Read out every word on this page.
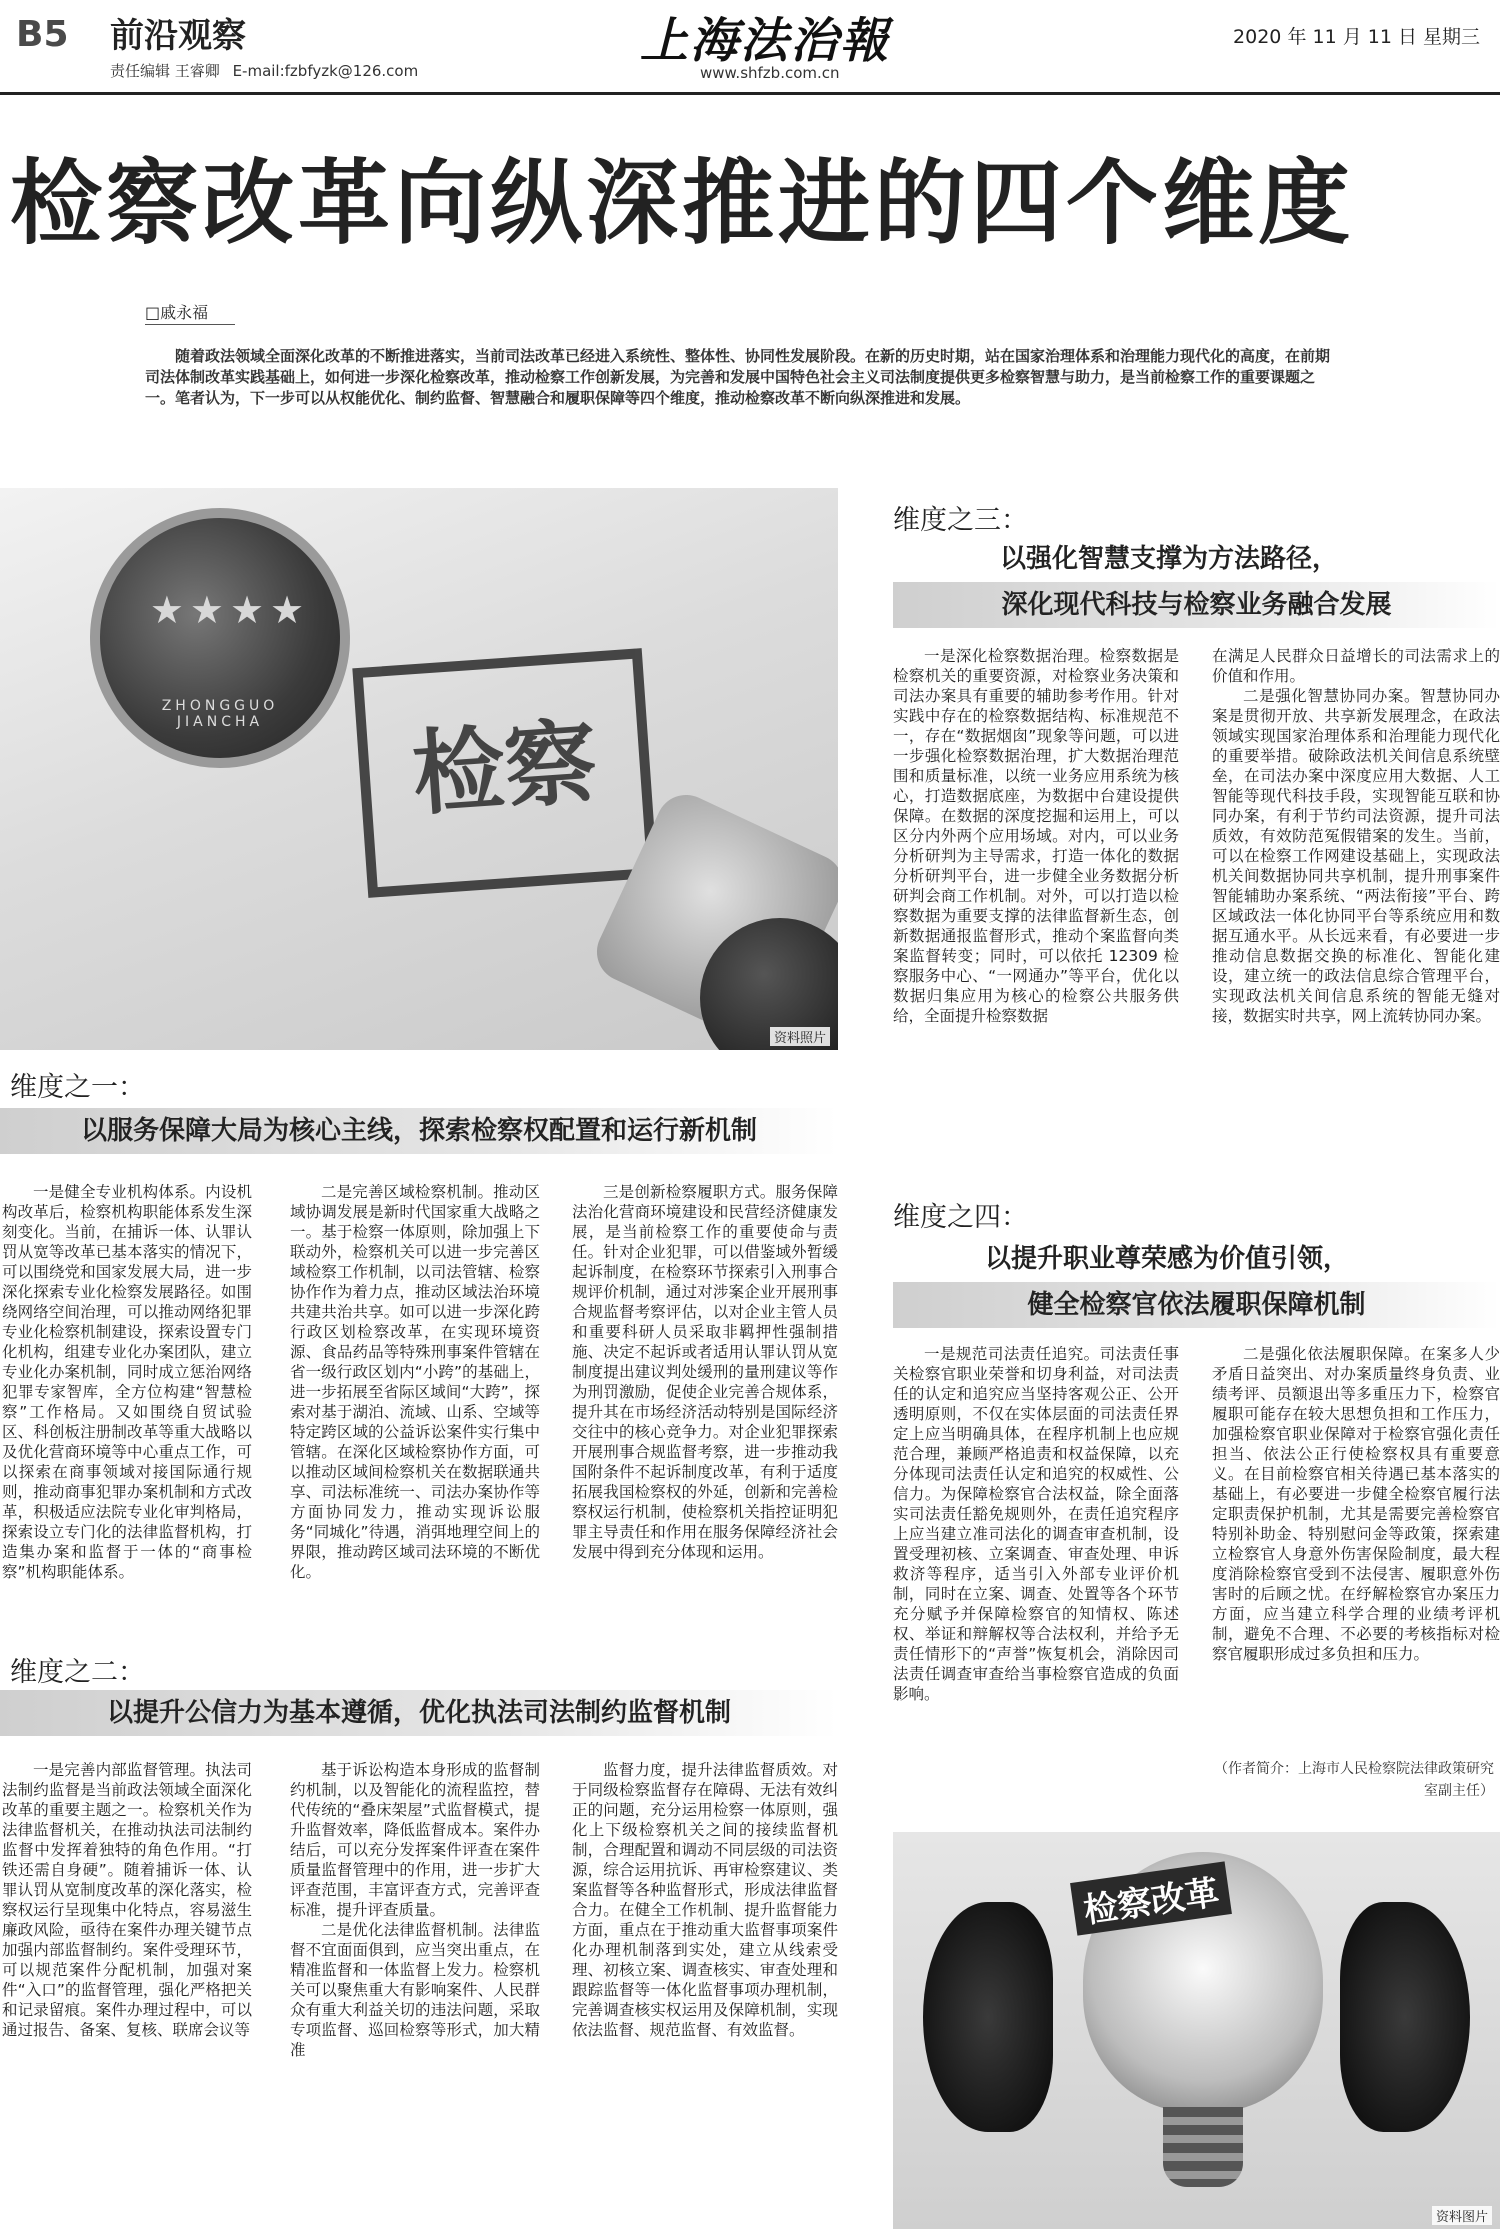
B5 前沿观察
责任编辑 王睿卿 E-mail:fzbfyzk@126.com
上海法治報
www.shfzb.com.cn
2020 年 11 月 11 日 星期三
检察改革向纵深推进的四个维度
□戚永福

随着政法领域全面深化改革的不断推进落实，当前司法改革已经进入系统性、整体性、协同性发展阶段。在新的历史时期，站在国家治理体系和治理能力现代化的高度，在前期司法体制改革实践基础上，如何进一步深化检察改革，推动检察工作创新发展，为完善和发展中国特色社会主义司法制度提供更多检察智慧与助力，是当前检察工作的重要课题之一。笔者认为，下一步可以从权能优化、制约监督、智慧融合和履职保障等四个维度，推动检察改革不断向纵深推进和发展。

★★★★
ZHONGGUO JIANCHA	检察
资料照片
维度之一：
以服务保障大局为核心主线，探索检察权配置和运行新机制

一是健全专业机构体系。内设机构改革后，检察机构职能体系发生深刻变化。当前，在捕诉一体、认罪认罚从宽等改革已基本落实的情况下，可以围绕党和国家发展大局，进一步深化探索专业化检察发展路径。如围绕网络空间治理，可以推动网络犯罪专业化检察机制建设，探索设置专门化机构，组建专业化办案团队，建立专业化办案机制，同时成立惩治网络犯罪专家智库，全方位构建“智慧检察”工作格局。又如围绕自贸试验区、科创板注册制改革等重大战略以及优化营商环境等中心重点工作，可以探索在商事领域对接国际通行规则，推动商事犯罪办案机制和方式改革，积极适应法院专业化审判格局，探索设立专门化的法律监督机构，打造集办案和监督于一体的“商事检察”机构职能体系。

二是完善区域检察机制。推动区域协调发展是新时代国家重大战略之一。基于检察一体原则，除加强上下联动外，检察机关可以进一步完善区域检察工作机制，以司法管辖、检察协作作为着力点，推动区域法治环境共建共治共享。如可以进一步深化跨行政区划检察改革，在实现环境资源、食品药品等特殊刑事案件管辖在省一级行政区划内“小跨”的基础上，进一步拓展至省际区域间“大跨”，探索对基于湖泊、流域、山系、空域等特定跨区域的公益诉讼案件实行集中管辖。在深化区域检察协作方面，可以推动区域间检察机关在数据联通共享、司法标准统一、司法办案协作等方面协同发力，推动实现诉讼服务“同城化”待遇，消弭地理空间上的界限，推动跨区域司法环境的不断优化。

三是创新检察履职方式。服务保障法治化营商环境建设和民营经济健康发展，是当前检察工作的重要使命与责任。针对企业犯罪，可以借鉴域外暂缓起诉制度，在检察环节探索引入刑事合规评价机制，通过对涉案企业开展刑事合规监督考察评估，以对企业主管人员和重要科研人员采取非羁押性强制措施、决定不起诉或者适用认罪认罚从宽制度提出建议判处缓刑的量刑建议等作为刑罚激励，促使企业完善合规体系，提升其在市场经济活动特别是国际经济交往中的核心竞争力。对企业犯罪探索开展刑事合规监督考察，进一步推动我国附条件不起诉制度改革，有利于适度拓展我国检察权的外延，创新和完善检察权运行机制，使检察机关指控证明犯罪主导责任和作用在服务保障经济社会发展中得到充分体现和运用。

维度之二：
以提升公信力为基本遵循，优化执法司法制约监督机制

一是完善内部监督管理。执法司法制约监督是当前政法领域全面深化改革的重要主题之一。检察机关作为法律监督机关，在推动执法司法制约监督中发挥着独特的角色作用。“打铁还需自身硬”。随着捕诉一体、认罪认罚从宽制度改革的深化落实，检察权运行呈现集中化特点，容易滋生廉政风险，亟待在案件办理关键节点加强内部监督制约。案件受理环节，可以规范案件分配机制，加强对案件“入口”的监督管理，强化严格把关和记录留痕。案件办理过程中，可以通过报告、备案、复核、联席会议等

基于诉讼构造本身形成的监督制约机制，以及智能化的流程监控，替代传统的“叠床架屋”式监督模式，提升监督效率，降低监督成本。案件办结后，可以充分发挥案件评查在案件质量监督管理中的作用，进一步扩大评查范围，丰富评查方式，完善评查标准，提升评查质量。

二是优化法律监督机制。法律监督不宜面面俱到，应当突出重点，在精准监督和一体监督上发力。检察机关可以聚焦重大有影响案件、人民群众有重大利益关切的违法问题，采取专项监督、巡回检察等形式，加大精准

监督力度，提升法律监督质效。对于同级检察监督存在障碍、无法有效纠正的问题，充分运用检察一体原则，强化上下级检察机关之间的接续监督机制，合理配置和调动不同层级的司法资源，综合运用抗诉、再审检察建议、类案监督等各种监督形式，形成法律监督合力。在健全工作机制、提升监督能力方面，重点在于推动重大监督事项案件化办理机制落到实处，建立从线索受理、初核立案、调查核实、审查处理和跟踪监督等一体化监督事项办理机制，完善调查核实权运用及保障机制，实现依法监督、规范监督、有效监督。

维度之三：
以强化智慧支撑为方法路径，
深化现代科技与检察业务融合发展

一是深化检察数据治理。检察数据是检察机关的重要资源，对检察业务决策和司法办案具有重要的辅助参考作用。针对实践中存在的检察数据结构、标准规范不一，存在“数据烟囱”现象等问题，可以进一步强化检察数据治理，扩大数据治理范围和质量标准，以统一业务应用系统为核心，打造数据底座，为数据中台建设提供保障。在数据的深度挖掘和运用上，可以区分内外两个应用场域。对内，可以业务分析研判为主导需求，打造一体化的数据分析研判平台，进一步健全业务数据分析研判会商工作机制。对外，可以打造以检察数据为重要支撑的法律监督新生态，创新数据通报监督形式，推动个案监督向类案监督转变；同时，可以依托 12309 检察服务中心、“一网通办”等平台，优化以数据归集应用为核心的检察公共服务供给，全面提升检察数据

在满足人民群众日益增长的司法需求上的价值和作用。

二是强化智慧协同办案。智慧协同办案是贯彻开放、共享新发展理念，在政法领域实现国家治理体系和治理能力现代化的重要举措。破除政法机关间信息系统壁垒，在司法办案中深度应用大数据、人工智能等现代科技手段，实现智能互联和协同办案，有利于节约司法资源，提升司法质效，有效防范冤假错案的发生。当前，可以在检察工作网建设基础上，实现政法机关间数据协同共享机制，提升刑事案件智能辅助办案系统、“两法衔接”平台、跨区域政法一体化协同平台等系统应用和数据互通水平。从长远来看，有必要进一步推动信息数据交换的标准化、智能化建设，建立统一的政法信息综合管理平台，实现政法机关间信息系统的智能无缝对接，数据实时共享，网上流转协同办案。

维度之四：
以提升职业尊荣感为价值引领，
健全检察官依法履职保障机制

一是规范司法责任追究。司法责任事关检察官职业荣誉和切身利益，对司法责任的认定和追究应当坚持客观公正、公开透明原则，不仅在实体层面的司法责任界定上应当明确具体，在程序机制上也应规范合理，兼顾严格追责和权益保障，以充分体现司法责任认定和追究的权威性、公信力。为保障检察官合法权益，除全面落实司法责任豁免规则外，在责任追究程序上应当建立准司法化的调查审查机制，设置受理初核、立案调查、审查处理、申诉救济等程序，适当引入外部专业评价机制，同时在立案、调查、处置等各个环节充分赋予并保障检察官的知情权、陈述权、举证和辩解权等合法权利，并给予无责任情形下的“声誉”恢复机会，消除因司法责任调查审查给当事检察官造成的负面影响。

二是强化依法履职保障。在案多人少矛盾日益突出、对办案质量终身负责、业绩考评、员额退出等多重压力下，检察官履职可能存在较大思想负担和工作压力，加强检察官职业保障对于检察官强化责任担当、依法公正行使检察权具有重要意义。在目前检察官相关待遇已基本落实的基础上，有必要进一步健全检察官履行法定职责保护机制，尤其是需要完善检察官特别补助金、特别慰问金等政策，探索建立检察官人身意外伤害保险制度，最大程度消除检察官受到不法侵害、履职意外伤害时的后顾之忧。在纾解检察官办案压力方面，应当建立科学合理的业绩考评机制，避免不合理、不必要的考核指标对检察官履职形成过多负担和压力。

（作者简介：上海市人民检察院法律政策研究室副主任）
检察改革
资料图片
